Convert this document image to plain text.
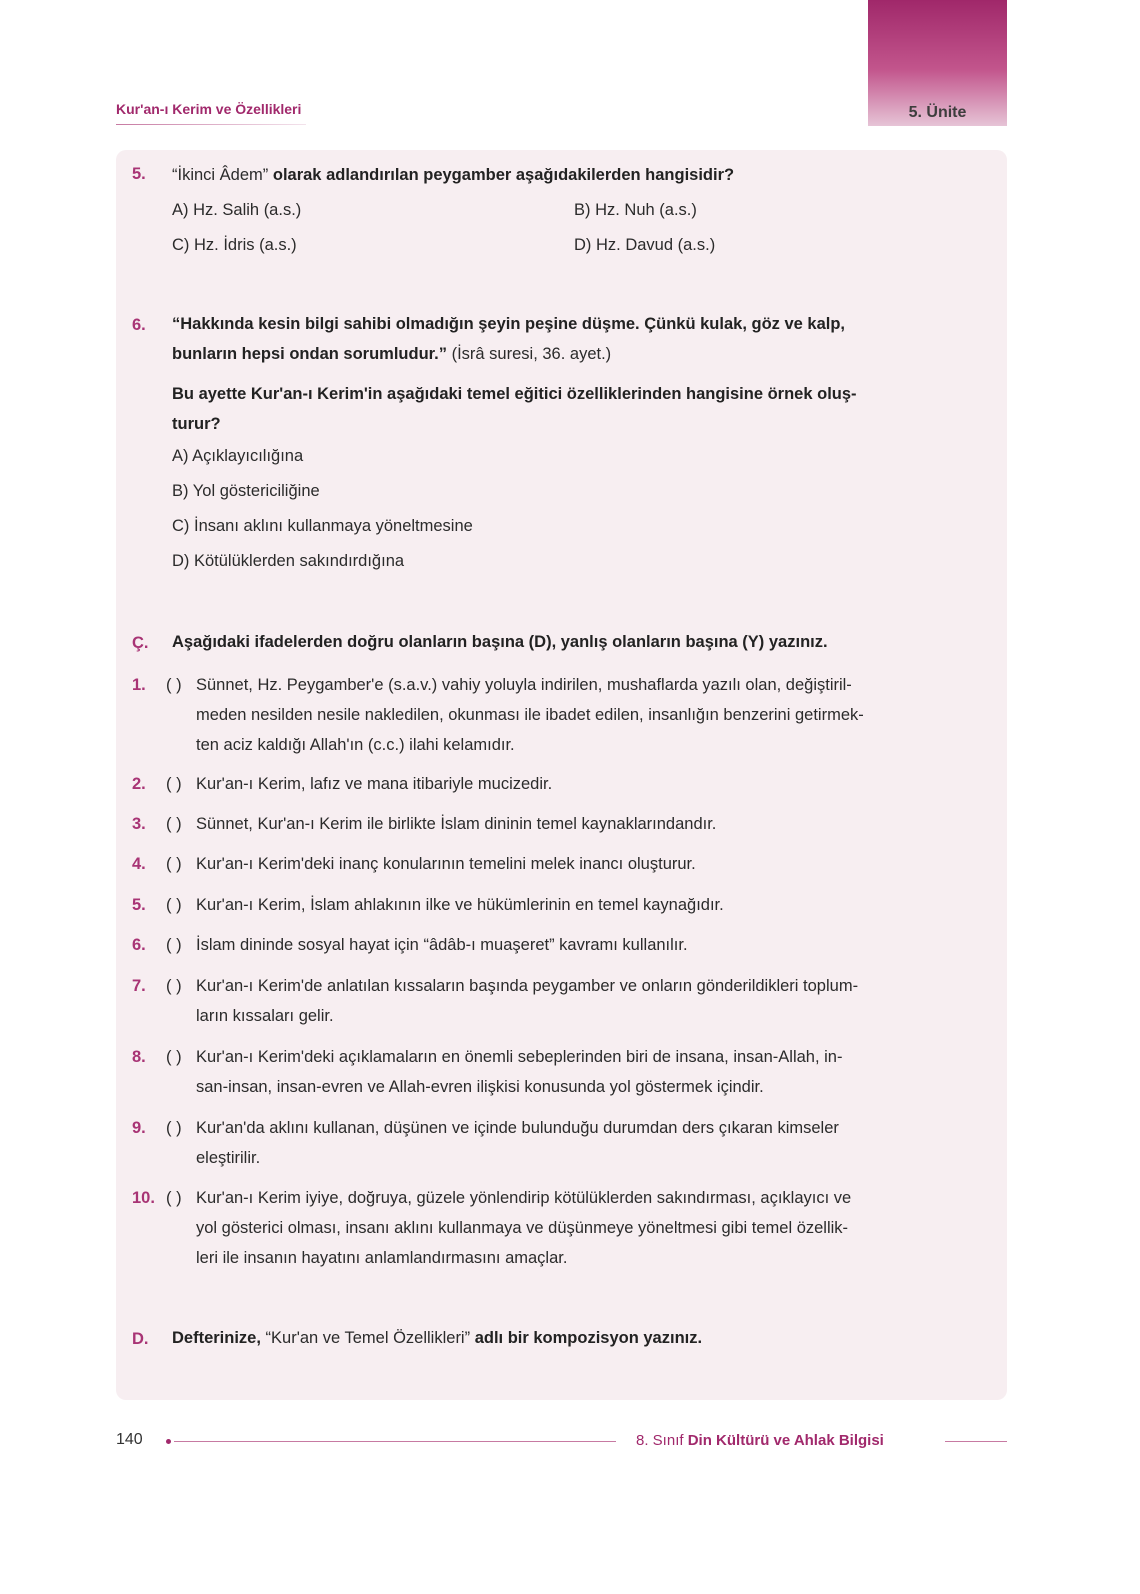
5. Ünite
Kur'an-ı Kerim ve Özellikleri
5. “İkinci Âdem” olarak adlandırılan peygamber aşağıdakilerden hangisidir?
A) Hz. Salih (a.s.)	B) Hz. Nuh (a.s.)
C) Hz. İdris (a.s.)	D) Hz. Davud (a.s.)
6. “Hakkında kesin bilgi sahibi olmadığın şeyin peşine düşme. Çünkü kulak, göz ve kalp,
bunların hepsi ondan sorumludur.” (İsrâ suresi, 36. ayet.)
Bu ayette Kur'an-ı Kerim'in aşağıdaki temel eğitici özelliklerinden hangisine örnek oluş-
turur?
A) Açıklayıcılığına
B) Yol göstericiliğine
C) İnsanı aklını kullanmaya yöneltmesine
D) Kötülüklerden sakındırdığına
Ç. Aşağıdaki ifadelerden doğru olanların başına (D), yanlış olanların başına (Y) yazınız.
1. ( ) Sünnet, Hz. Peygamber'e (s.a.v.) vahiy yoluyla indirilen, mushaflarda yazılı olan, değiştiril-
meden nesilden nesile nakledilen, okunması ile ibadet edilen, insanlığın benzerini getirmek-
ten aciz kaldığı Allah'ın (c.c.) ilahi kelamıdır.
2. ( ) Kur'an-ı Kerim, lafız ve mana itibariyle mucizedir.
3. ( ) Sünnet, Kur'an-ı Kerim ile birlikte İslam dininin temel kaynaklarındandır.
4. ( ) Kur'an-ı Kerim'deki inanç konularının temelini melek inancı oluşturur.
5. ( ) Kur'an-ı Kerim, İslam ahlakının ilke ve hükümlerinin en temel kaynağıdır.
6. ( ) İslam dininde sosyal hayat için “âdâb-ı muaşeret” kavramı kullanılır.
7. ( ) Kur'an-ı Kerim'de anlatılan kıssaların başında peygamber ve onların gönderildikleri toplum-
ların kıssaları gelir.
8. ( ) Kur'an-ı Kerim'deki açıklamaların en önemli sebeplerinden biri de insana, insan-Allah, in-
san-insan, insan-evren ve Allah-evren ilişkisi konusunda yol göstermek içindir.
9. ( ) Kur'an'da aklını kullanan, düşünen ve içinde bulunduğu durumdan ders çıkaran kimseler
eleştirilir.
10. ( ) Kur'an-ı Kerim iyiye, doğruya, güzele yönlendirip kötülüklerden sakındırması, açıklayıcı ve
yol gösterici olması, insanı aklını kullanmaya ve düşünmeye yöneltmesi gibi temel özellik-
leri ile insanın hayatını anlamlandırmasını amaçlar.
D. Defterinize, “Kur'an ve Temel Özellikleri” adlı bir kompozisyon yazınız.
140	8. Sınıf Din Kültürü ve Ahlak Bilgisi
